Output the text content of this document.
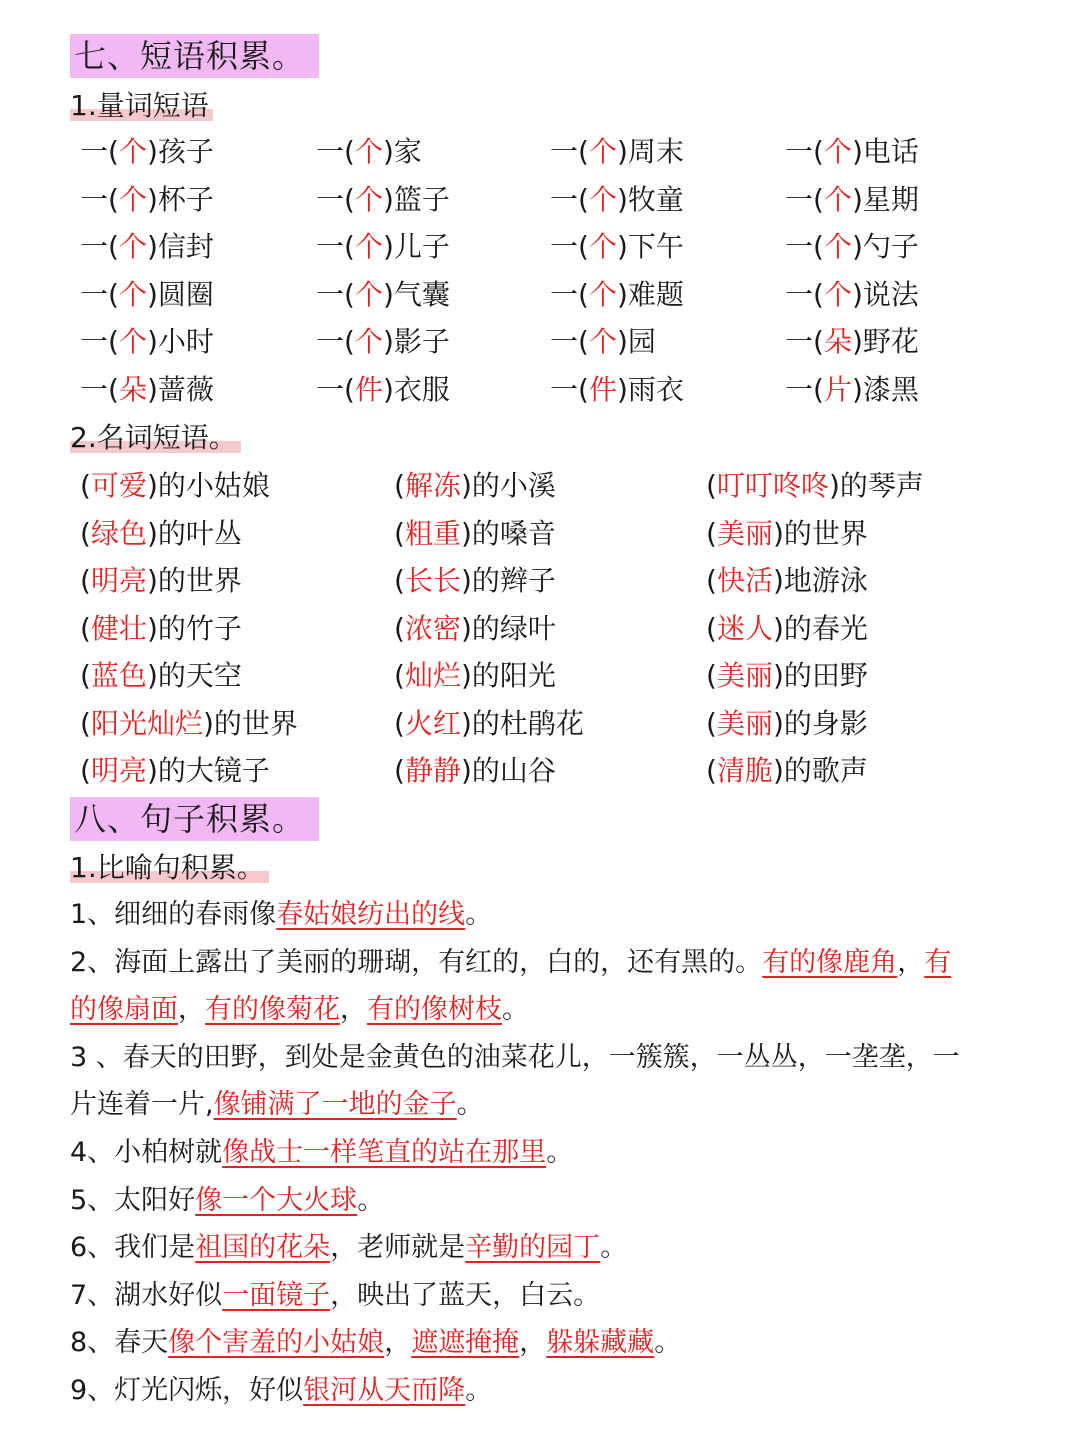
七、短语积累。
1.量词短语
一(个)孩子	一(个)家	一(个)周末	一(个)电话
一(个)杯子	一(个)篮子	一(个)牧童	一(个)星期
一(个)信封	一(个)儿子	一(个)下午	一(个)勺子
一(个)圆圈	一(个)气囊	一(个)难题	一(个)说法
一(个)小时	一(个)影子	一(个)园	一(朵)野花
一(朵)蔷薇	一(件)衣服	一(件)雨衣	一(片)漆黑
2.名词短语。
(可爱)的小姑娘	(解冻)的小溪	(叮叮咚咚)的琴声
(绿色)的叶丛	(粗重)的嗓音	(美丽)的世界
(明亮)的世界	(长长)的辫子	(快活)地游泳
(健壮)的竹子	(浓密)的绿叶	(迷人)的春光
(蓝色)的天空	(灿烂)的阳光	(美丽)的田野
(阳光灿烂)的世界	(火红)的杜鹃花	(美丽)的身影
(明亮)的大镜子	(静静)的山谷	(清脆)的歌声
八、句子积累。
1.比喻句积累。
1、细细的春雨像春姑娘纺出的线。
2、海面上露出了美丽的珊瑚，有红的，白的，还有黑的。有的像鹿角，有
的像扇面，有的像菊花，有的像树枝。
3 、春天的田野，到处是金黄色的油菜花儿，一簇簇，一丛丛，一垄垄，一
片连着一片,像铺满了一地的金子。
4、小柏树就像战士一样笔直的站在那里。
5、太阳好像一个大火球。
6、我们是祖国的花朵，老师就是辛勤的园丁。
7、湖水好似一面镜子，映出了蓝天，白云。
8、春天像个害羞的小姑娘，遮遮掩掩，躲躲藏藏。
9、灯光闪烁，好似银河从天而降。
